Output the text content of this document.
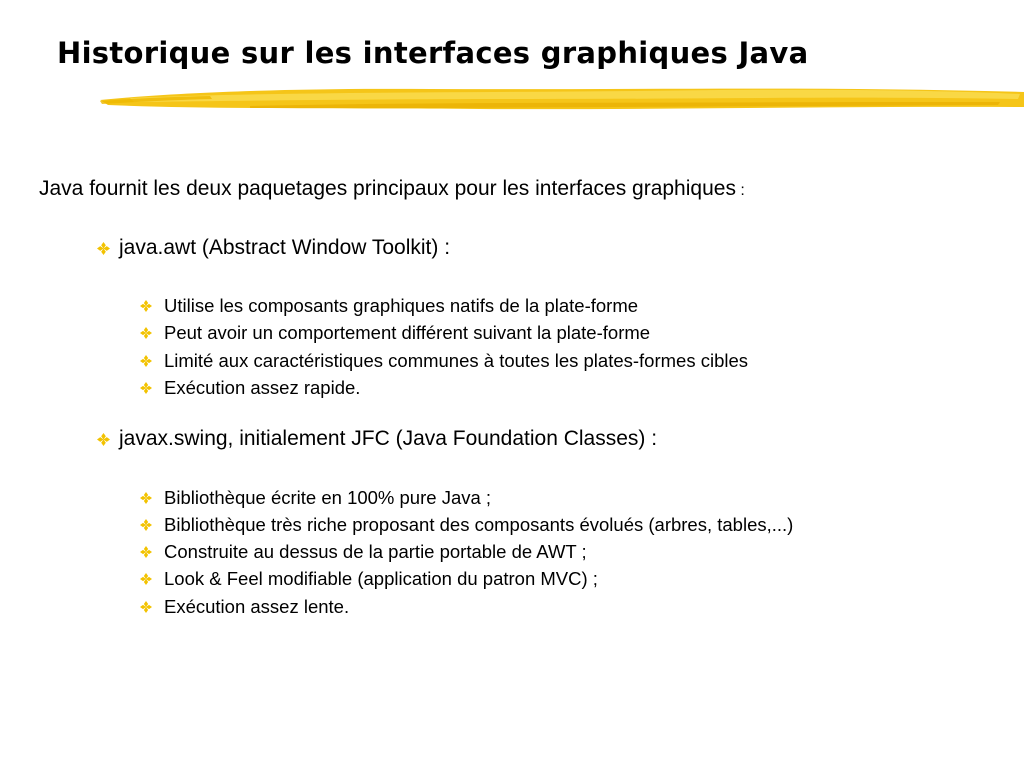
Historique sur les interfaces graphiques Java
Java fournit les deux paquetages principaux pour les interfaces graphiques :
java.awt (Abstract Window Toolkit) :
Utilise les composants graphiques natifs de la plate-forme
Peut avoir un comportement différent suivant la plate-forme
Limité aux caractéristiques communes à toutes les plates-formes cibles
Exécution assez rapide.
javax.swing, initialement JFC (Java Foundation Classes) :
Bibliothèque écrite en 100% pure Java ;
Bibliothèque très riche proposant des composants évolués (arbres, tables,...)
Construite au dessus de la partie portable de AWT ;
Look & Feel modifiable (application du patron MVC) ;
Exécution assez lente.
